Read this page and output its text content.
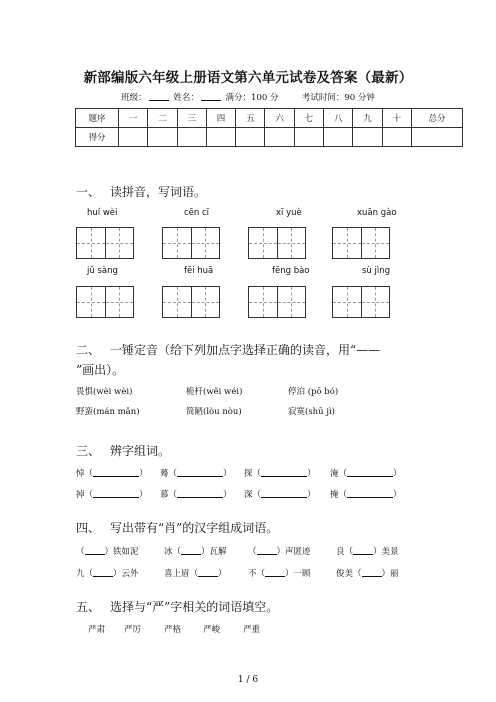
新部编版六年级上册语文第六单元试卷及答案（最新）
班级：	姓名：	满分：100 分	考试时间：90 分钟
题序	一	二	三	四	五	六	七	八	九	十	总分
得分											
一、 读拼音，写词语。
huí wèi	cēn cī	xī yuè	xuān gào
jǔ sàng	fēi huā	fēng bào	sù jìng
二、 一锤定音（给下列加点字选择正确的读音，用“——
”画出）。
畏惧(wèi wèi)	桅杆(wěi wéi)	停泊 (pō bó)
野蛮(mán mǎn)	简陋(lòu nòu)	寂寞(shū jì)
三、 辨字组词。
悼（	） 蓦（	） 探（	） 淹（	）
掉（	） 慕（	） 深（	） 掩（	）
四、 写出带有“肖”的汉字组成词语。
（ ）铁如泥	冰（ ）瓦解	（ ）声匿迹	良（ ）美景
九（ ）云外	喜上眉（ ）	不（ ）一顾	俊美（ ）丽
五、 选择与“严”字相关的词语填空。
严肃 严厉	严格	严峻	严重
1 / 6
